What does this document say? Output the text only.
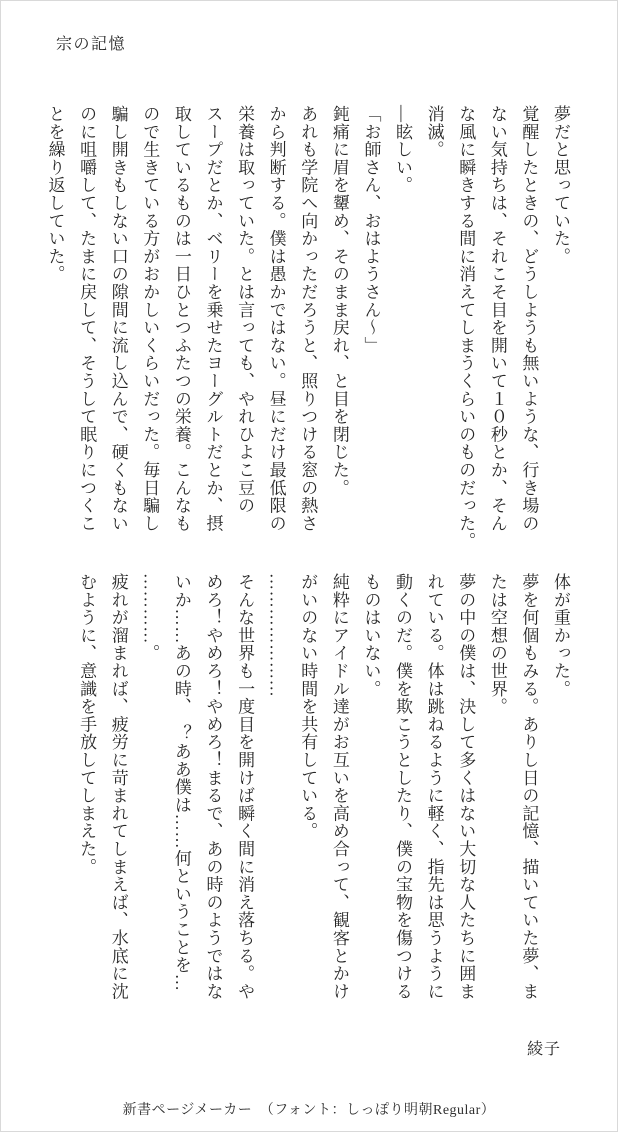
宗の記憶
夢だと思っていた。
覚醒したときの、どうしようも無いような、行き場の
ない気持ちは、それこそ目を開いて１０秒とか、そん
な風に瞬きする間に消えてしまうくらいのものだった。
消滅。
―眩しい。
「お師さん、おはようさん〜」
鈍痛に眉を顰め、そのまま戻れ、と目を閉じた。
あれも学院へ向かっただろうと、照りつける窓の熱さ
から判断する。僕は愚かではない。昼にだけ最低限の
栄養は取っていた。とは言っても、やれひよこ豆の
スープだとか、ベリーを乗せたヨーグルトだとか、摂
取しているものは一日ひとつふたつの栄養。こんなも
ので生きている方がおかしいくらいだった。毎日騙し
騙し開きもしない口の隙間に流し込んで、硬くもない
のに咀嚼して、たまに戻して、そうして眠りにつくこ
とを繰り返していた。
体が重かった。
夢を何個もみる。ありし日の記憶、描いていた夢、ま
たは空想の世界。
夢の中の僕は、決して多くはない大切な人たちに囲ま
れている。体は跳ねるように軽く、指先は思うように
動くのだ。僕を欺こうとしたり、僕の宝物を傷つける
ものはいない。
純粋にアイドル達がお互いを高め合って、観客とかけ
がいのない時間を共有している。
…………………
そんな世界も一度目を開けば瞬く間に消え落ちる。や
めろ！やめろ！やめろ！まるで、あの時のようではな
いか……あの時、　？ああ僕は……何ということを…
…………。
疲れが溜まれば、疲労に苛まれてしまえば、水底に沈
むように、意識を手放してしまえた。
綾子
新書ページメーカー　（フォント：しっぽり明朝Regular）
